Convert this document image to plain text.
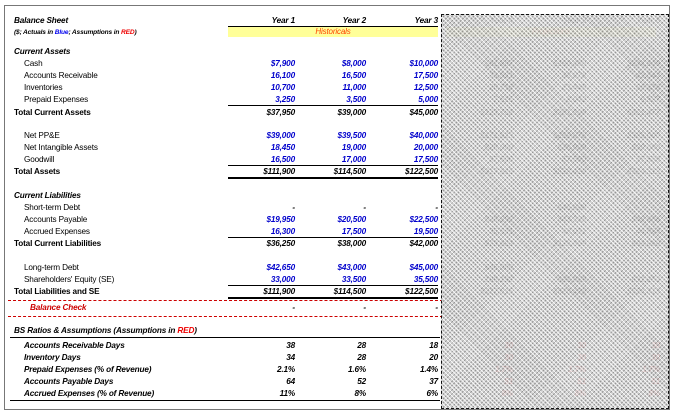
Balance Sheet	Year 1	Year 2	Year 3
($; Actuals in Blue; Assumptions in RED)	Historicals
Current Assets
Cash	$7,900	$8,000	$10,000
Accounts Receivable	16,100	16,500	17,500
Inventories	10,700	11,000	12,500
Prepaid Expenses	3,250	3,500	5,000
Total Current Assets	$37,950	$39,000	$45,000
Net PP&E	$39,000	$39,500	$40,000
Net Intangible Assets	18,450	19,000	20,000
Goodwill	16,500	17,000	17,500
Total Assets	$111,900	$114,500	$122,500
Current Liabilities
Short-term Debt	-	-	-
Accounts Payable	$19,950	$20,500	$22,500
Accrued Expenses	16,300	17,500	19,500
Total Current Liabilities	$36,250	$38,000	$42,000
Long-term Debt	$42,650	$43,000	$45,000
Shareholders' Equity (SE)	33,000	33,500	35,500
Total Liabilities and SE	$111,900	$114,500	$122,500
Balance Check	-	-	-
BS Ratios & Assumptions (Assumptions in RED)
Accounts Receivable Days	38	28	18
Inventory Days	34	28	20
Prepaid Expenses (% of Revenue)	2.1%	1.6%	1.4%
Accounts Payable Days	64	52	37
Accrued Expenses (% of Revenue)	11%	8%	6%
